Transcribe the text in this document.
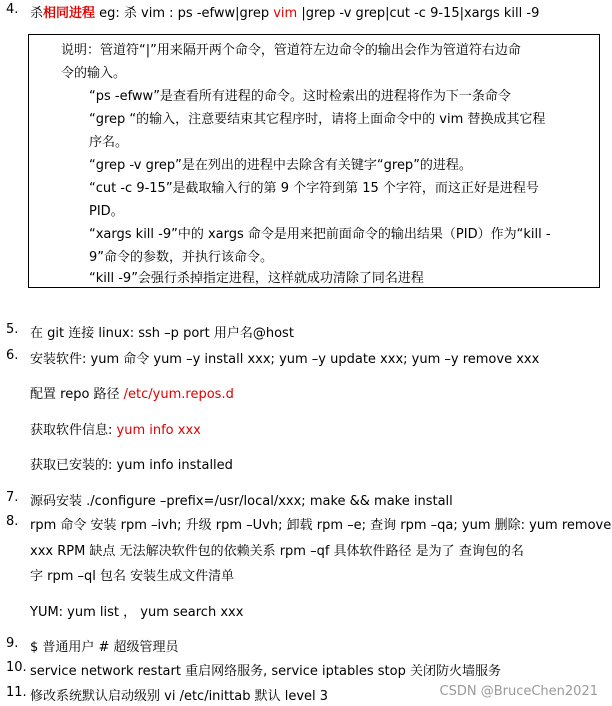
4. 杀相同进程 eg: 杀 vim : ps -efww|grep vim |grep -v grep|cut -c 9-15|xargs kill -9
说明：管道符“|”用来隔开两个命令，管道符左边命令的输出会作为管道符右边命
令的输入。
“ps -efww”是查看所有进程的命令。这时检索出的进程将作为下一条命令
“grep “的输入，注意要结束其它程序时，请将上面命令中的 vim 替换成其它程
序名。
“grep -v grep”是在列出的进程中去除含有关键字“grep”的进程。
“cut -c 9-15”是截取输入行的第 9 个字符到第 15 个字符，而这正好是进程号
PID。
“xargs kill -9”中的 xargs 命令是用来把前面命令的输出结果（PID）作为“kill -
9”命令的参数，并执行该命令。
“kill -9”会强行杀掉指定进程，这样就成功清除了同名进程
5. 在 git 连接 linux: ssh –p port 用户名@host
6. 安装软件: yum 命令 yum –y install xxx; yum –y update xxx; yum –y remove xxx
配置 repo 路径 /etc/yum.repos.d
获取软件信息: yum info xxx
获取已安装的: yum info installed
7. 源码安装 ./configure –prefix=/usr/local/xxx; make && make install
8. rpm 命令 安装 rpm –ivh; 升级 rpm –Uvh; 卸载 rpm –e; 查询 rpm –qa; yum 删除: yum remove
xxx RPM 缺点 无法解决软件包的依赖关系 rpm –qf 具体软件路径 是为了 查询包的名
字 rpm –ql 包名 安装生成文件清单
YUM: yum list ， yum search xxx
9. $ 普通用户 # 超级管理员
10. service network restart 重启网络服务, service iptables stop 关闭防火墙服务
11. 修改系统默认启动级别 vi /etc/inittab 默认 level 3	CSDN @BruceChen2021
